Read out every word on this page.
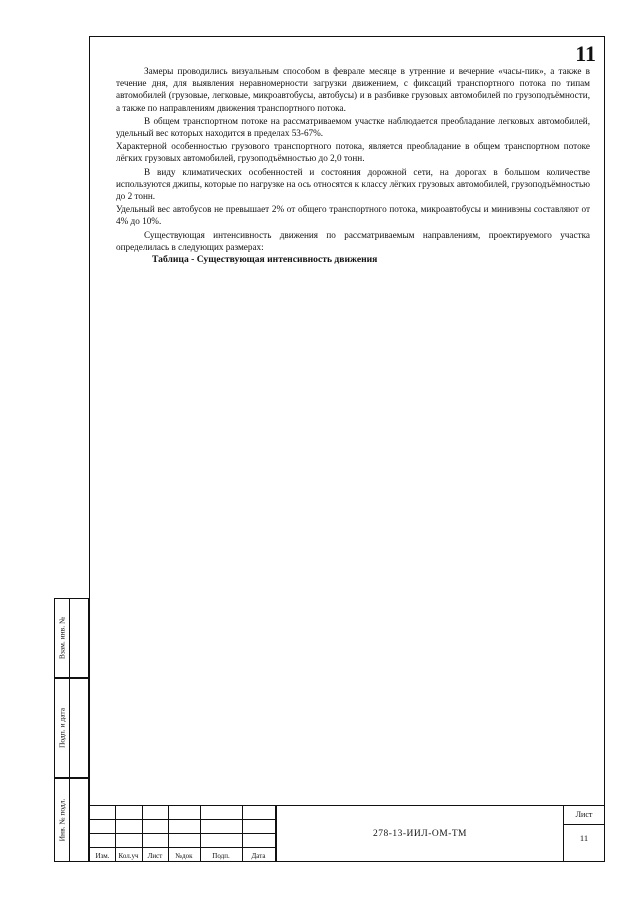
11

Замеры проводились визуальным способом в феврале месяце в утренние и вечерние «часы-пик», а также в течение дня, для выявления неравномерности загрузки движением, с фиксаций транспортного потока по типам автомобилей (грузовые, легковые, микроавтобусы, автобусы) и в разбивке грузовых автомобилей по грузоподъёмности, а также по направлениям движения транспортного потока.

В общем транспортном потоке на рассматриваемом участке наблюдается преобладание легковых автомобилей, удельный вес которых находится в пределах 53-67%.

Характерной особенностью грузового транспортного потока, является преобладание в общем транспортном потоке лёгких грузовых автомобилей, грузоподъёмностью до 2,0 тонн.

В виду климатических особенностей и состояния дорожной сети, на дорогах в большом количестве используются джипы, которые по нагрузке на ось относятся к классу лёгких грузовых автомобилей, грузоподъёмностью до 2 тонн.

Удельный вес автобусов не превышает 2% от общего транспортного потока, микроавтобусы и минивэны составляют от 4% до 10%.

Существующая интенсивность движения по рассматриваемым направлениям, проектируемого участка определилась в следующих размерах:

Таблица - Существующая интенсивность движения
Изм.	Кол.уч	Лист	№док	Подп.	Дата
278-13-ИИЛ-ОМ-ТМ
Лист
11
Взам. инв. №
Подп. и дата
Инв. № подл.
